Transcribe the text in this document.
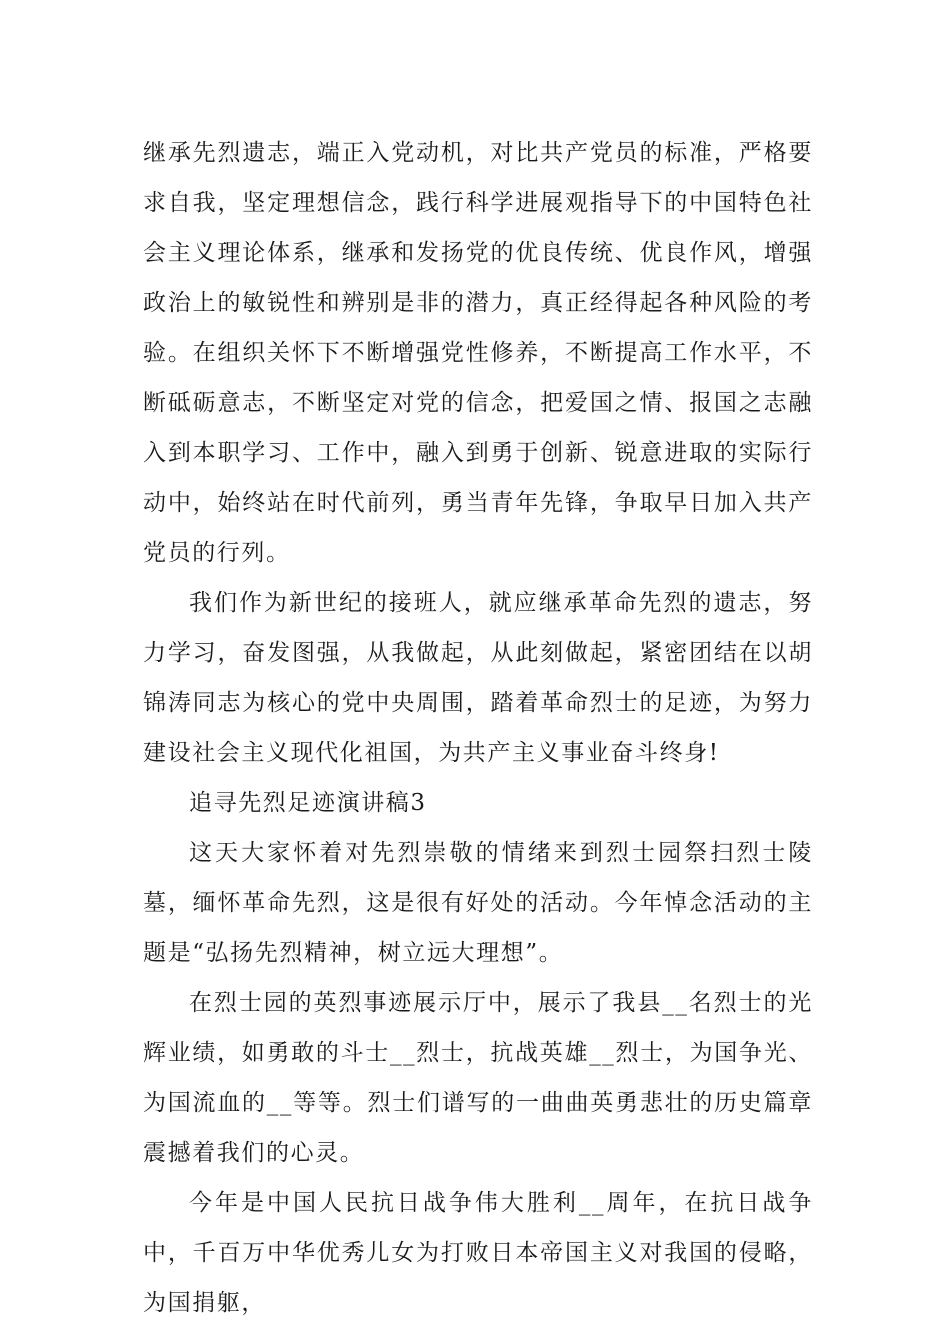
继承先烈遗志，端正入党动机，对比共产党员的标准，严格要求自我，坚定理想信念，践行科学进展观指导下的中国特色社会主义理论体系，继承和发扬党的优良传统、优良作风，增强政治上的敏锐性和辨别是非的潜力，真正经得起各种风险的考验。在组织关怀下不断增强党性修养，不断提高工作水平，不断砥砺意志，不断坚定对党的信念，把爱国之情、报国之志融入到本职学习、工作中，融入到勇于创新、锐意进取的实际行动中，始终站在时代前列，勇当青年先锋，争取早日加入共产党员的行列。

我们作为新世纪的接班人，就应继承革命先烈的遗志，努力学习，奋发图强，从我做起，从此刻做起，紧密团结在以胡锦涛同志为核心的党中央周围，踏着革命烈士的足迹，为努力建设社会主义现代化祖国，为共产主义事业奋斗终身!

追寻先烈足迹演讲稿3

这天大家怀着对先烈崇敬的情绪来到烈士园祭扫烈士陵墓，缅怀革命先烈，这是很有好处的活动。今年悼念活动的主题是“弘扬先烈精神，树立远大理想”。

在烈士园的英烈事迹展示厅中，展示了我县__名烈士的光辉业绩，如勇敢的斗士__烈士，抗战英雄__烈士，为国争光、为国流血的__等等。烈士们谱写的一曲曲英勇悲壮的历史篇章震撼着我们的心灵。

今年是中国人民抗日战争伟大胜利__周年，在抗日战争中，千百万中华优秀儿女为打败日本帝国主义对我国的侵略，为国捐躯，
